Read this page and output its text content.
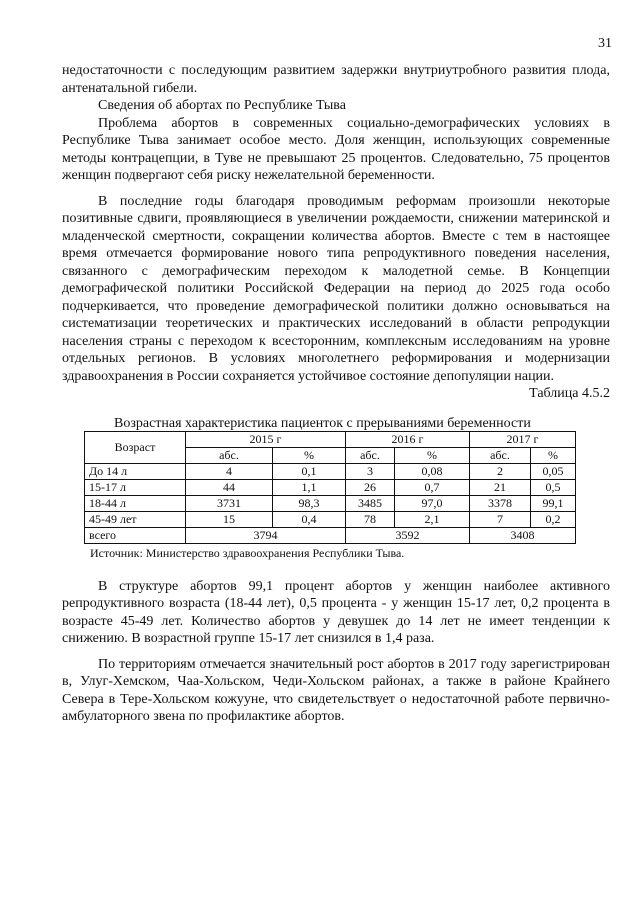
31

недостаточности с последующим развитием задержки внутриутробного развития плода, антенатальной гибели.

Сведения об абортах по Республике Тыва

Проблема абортов в современных социально-демографических условиях в Республике Тыва занимает особое место. Доля женщин, использующих современные методы контрацепции, в Туве не превышают 25 процентов. Следовательно, 75 процентов женщин подвергают себя риску нежелательной беременности.

В последние годы благодаря проводимым реформам произошли некоторые позитивные сдвиги, проявляющиеся в увеличении рождаемости, снижении материнской и младенческой смертности, сокращении количества абортов. Вместе с тем в настоящее время отмечается формирование нового типа репродуктивного поведения населения, связанного с демографическим переходом к малодетной семье. В Концепции демографической политики Российской Федерации на период до 2025 года особо подчеркивается, что проведение демографической политики должно основываться на систематизации теоретических и практических исследований в области репродукции населения страны с переходом к всесторонним, комплексным исследованиям на уровне отдельных регионов. В условиях многолетнего реформирования и модернизации здравоохранения в России сохраняется устойчивое состояние депопуляции нации.

Таблица 4.5.2

Возрастная характеристика пациенток с прерываниями беременности
Возраст	2015 г		2016 г		2017 г	
	абс.	%	абс.	%	абс.	%
До 14 л	4	0,1	3	0,08	2	0,05
15-17 л	44	1,1	26	0,7	21	0,5
18-44 л	3731	98,3	3485	97,0	3378	99,1
45-49 лет	15	0,4	78	2,1	7	0,2
всего	3794		3592		3408	
Источник: Министерство здравоохранения Республики Тыва.

В структуре абортов 99,1 процент абортов у женщин наиболее активного репродуктивного возраста (18-44 лет), 0,5 процента - у женщин 15-17 лет, 0,2 процента в возрасте 45-49 лет. Количество абортов у девушек до 14 лет не имеет тенденции к снижению. В возрастной группе 15-17 лет снизился в 1,4 раза.

По территориям отмечается значительный рост абортов в 2017 году зарегистрирован в, Улуг-Хемском, Чаа-Хольском, Чеди-Хольском районах, а также в районе Крайнего Севера в Тере-Хольском кожууне, что свидетельствует о недостаточной работе первично-амбулаторного звена по профилактике абортов.
